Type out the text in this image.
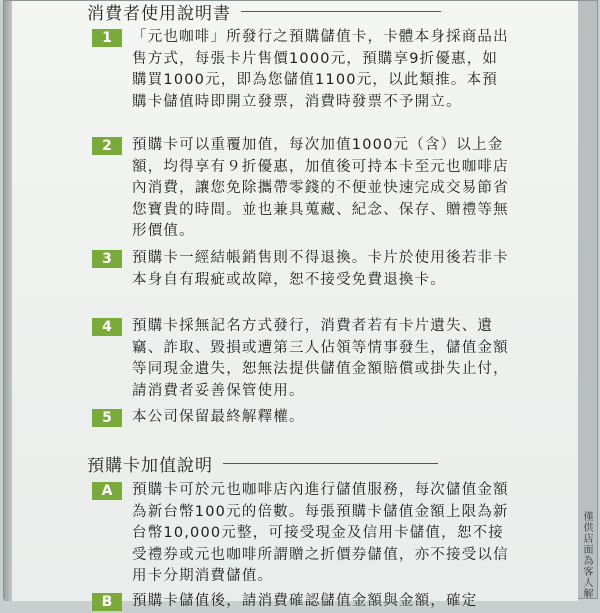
消費者使用說明書
1	「元也咖啡」所發行之預購儲值卡，卡體本身採商品出售方式，每張卡片售價1000元，預購享9折優惠，如購買1000元，即為您儲值1100元，以此類推。本預購卡儲值時即開立發票，消費時發票不予開立。
2	預購卡可以重覆加值，每次加值1000元（含）以上金額，均得享有９折優惠，加值後可持本卡至元也咖啡店內消費，讓您免除攜帶零錢的不便並快速完成交易節省您寶貴的時間。並也兼具蒐藏、紀念、保存、贈禮等無形價值。
3	預購卡一經結帳銷售則不得退換。卡片於使用後若非卡本身自有瑕疵或故障，恕不接受免費退換卡。
4	預購卡採無記名方式發行，消費者若有卡片遺失、遺竊、詐取、毀損或遭第三人佔領等情事發生，儲值金額等同現金遺失，恕無法提供儲值金額賠償或掛失止付，請消費者妥善保管使用。
5	本公司保留最終解釋權。
預購卡加值說明
A	預購卡可於元也咖啡店內進行儲值服務，每次儲值金額為新台幣100元的倍數。每張預購卡儲值金額上限為新台幣10,000元整，可接受現金及信用卡儲值，恕不接受禮券或元也咖啡所謂贈之折價券儲值，亦不接受以信用卡分期消費儲值。
B	預購卡儲值後，請消費確認儲值金額與金額，確定
僅供店面為客人解
